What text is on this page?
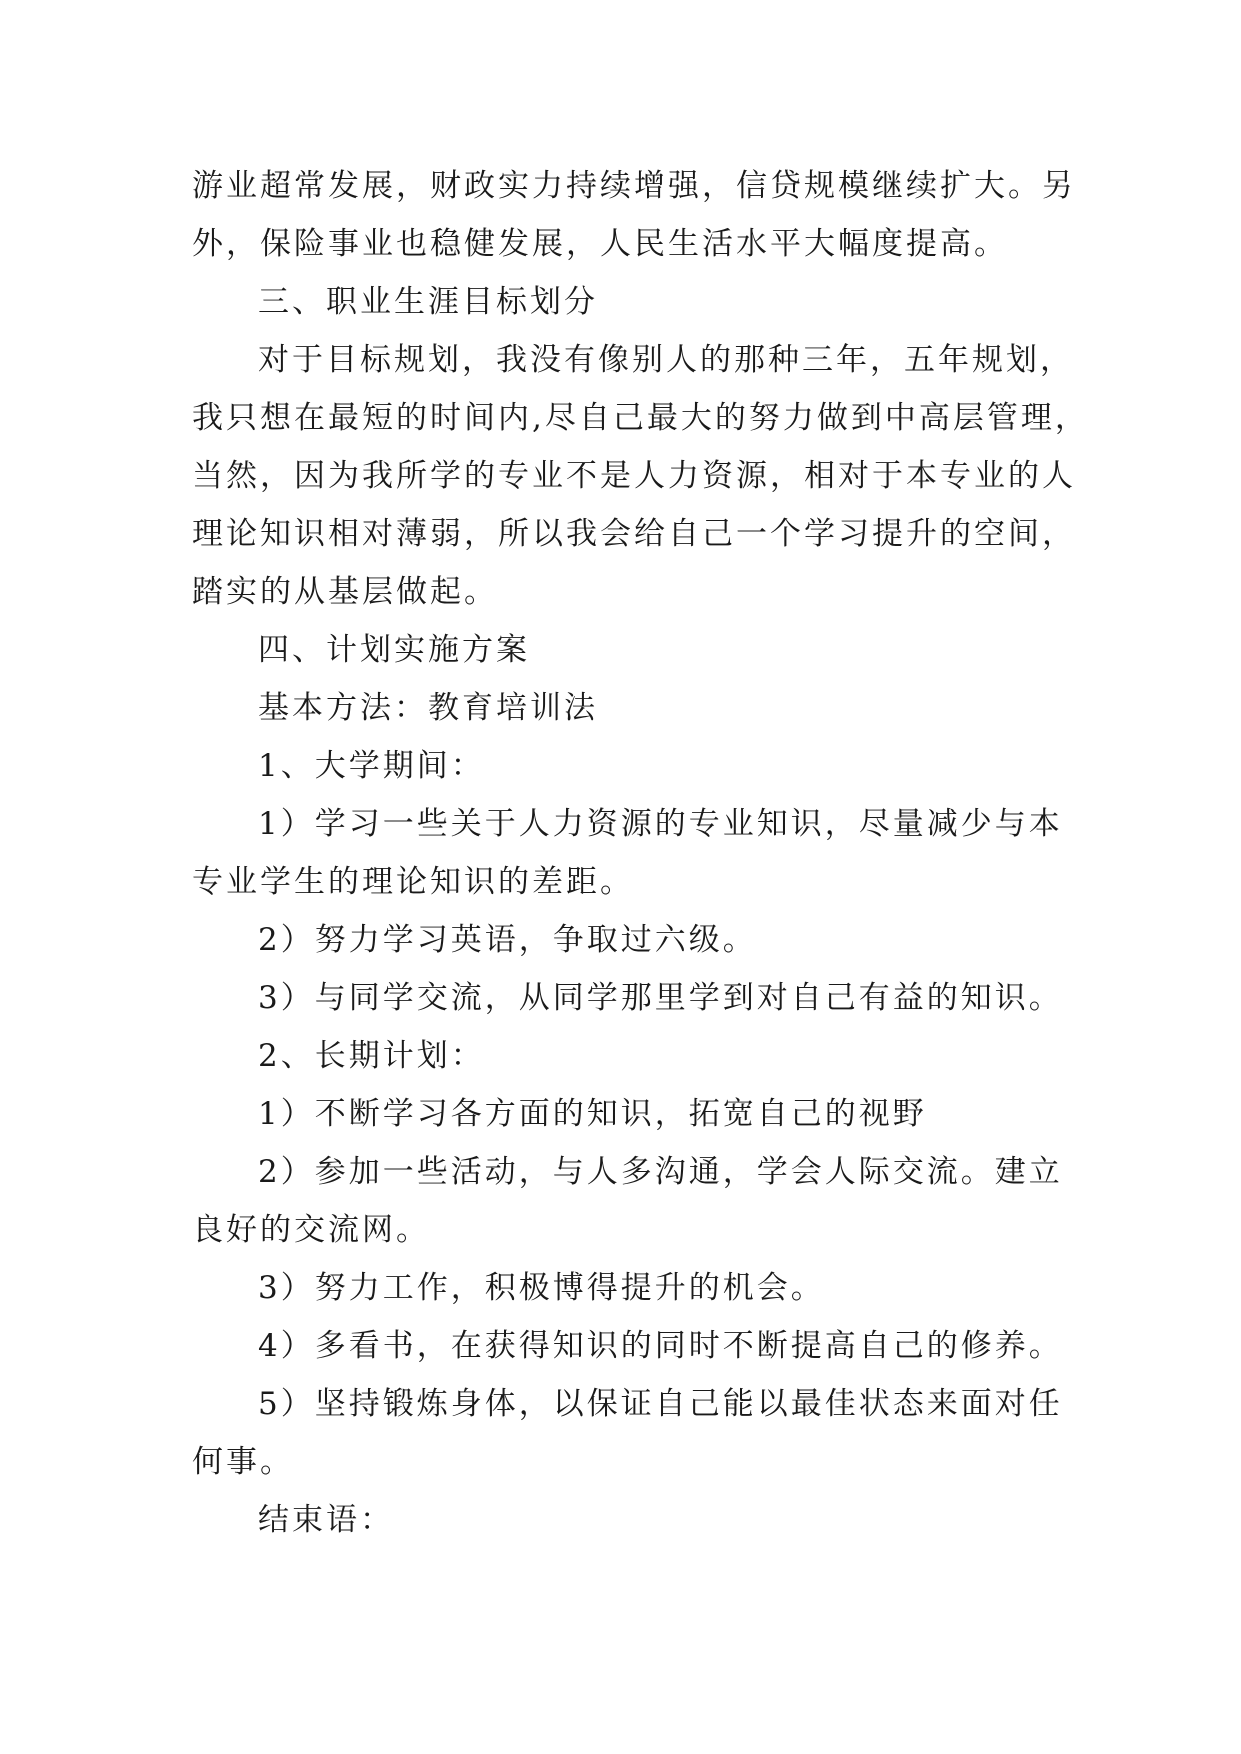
游业超常发展，财政实力持续增强，信贷规模继续扩大。另
外，保险事业也稳健发展，人民生活水平大幅度提高。

三、职业生涯目标划分

对于目标规划，我没有像别人的那种三年，五年规划，
我只想在最短的时间内,尽自己最大的努力做到中高层管理，
当然，因为我所学的专业不是人力资源，相对于本专业的人
理论知识相对薄弱，所以我会给自己一个学习提升的空间，
踏实的从基层做起。

四、计划实施方案

基本方法：教育培训法

1、大学期间：

1）学习一些关于人力资源的专业知识，尽量减少与本
专业学生的理论知识的差距。

2）努力学习英语，争取过六级。

3）与同学交流，从同学那里学到对自己有益的知识。

2、长期计划：

1）不断学习各方面的知识，拓宽自己的视野

2）参加一些活动，与人多沟通，学会人际交流。建立
良好的交流网。

3）努力工作，积极博得提升的机会。

4）多看书，在获得知识的同时不断提高自己的修养。

5）坚持锻炼身体，以保证自己能以最佳状态来面对任
何事。

结束语：
